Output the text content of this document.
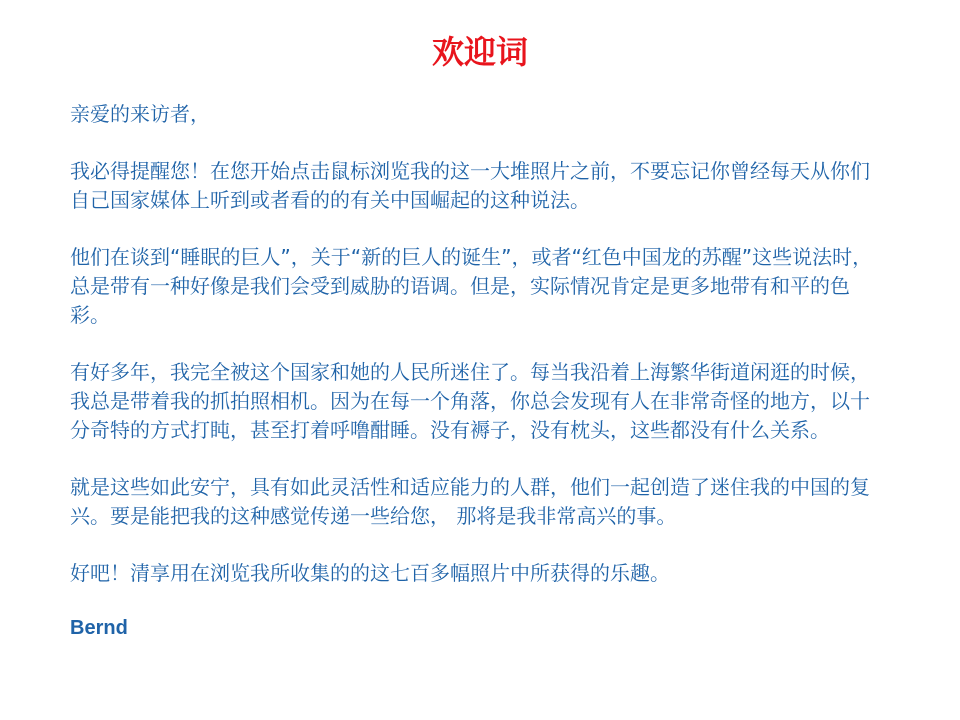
欢迎词

亲爱的来访者，

我必得提醒您！在您开始点击鼠标浏览我的这一大堆照片之前，不要忘记你曾经每天从你们自己国家媒体上听到或者看的的有关中国崛起的这种说法。

他们在谈到“睡眠的巨人”，关于“新的巨人的诞生”，或者“红色中国龙的苏醒”这些说法时，总是带有一种好像是我们会受到威胁的语调。但是，实际情况肯定是更多地带有和平的色彩。

有好多年，我完全被这个国家和她的人民所迷住了。每当我沿着上海繁华街道闲逛的时候，我总是带着我的抓拍照相机。因为在每一个角落，你总会发现有人在非常奇怪的地方，以十分奇特的方式打盹，甚至打着呼噜酣睡。没有褥子，没有枕头，这些都没有什么关系。

就是这些如此安宁，具有如此灵活性和适应能力的人群，他们一起创造了迷住我的中国的复兴。要是能把我的这种感觉传递一些给您， 那将是我非常高兴的事。

好吧！清享用在浏览我所收集的的这七百多幅照片中所获得的乐趣。

Bernd
